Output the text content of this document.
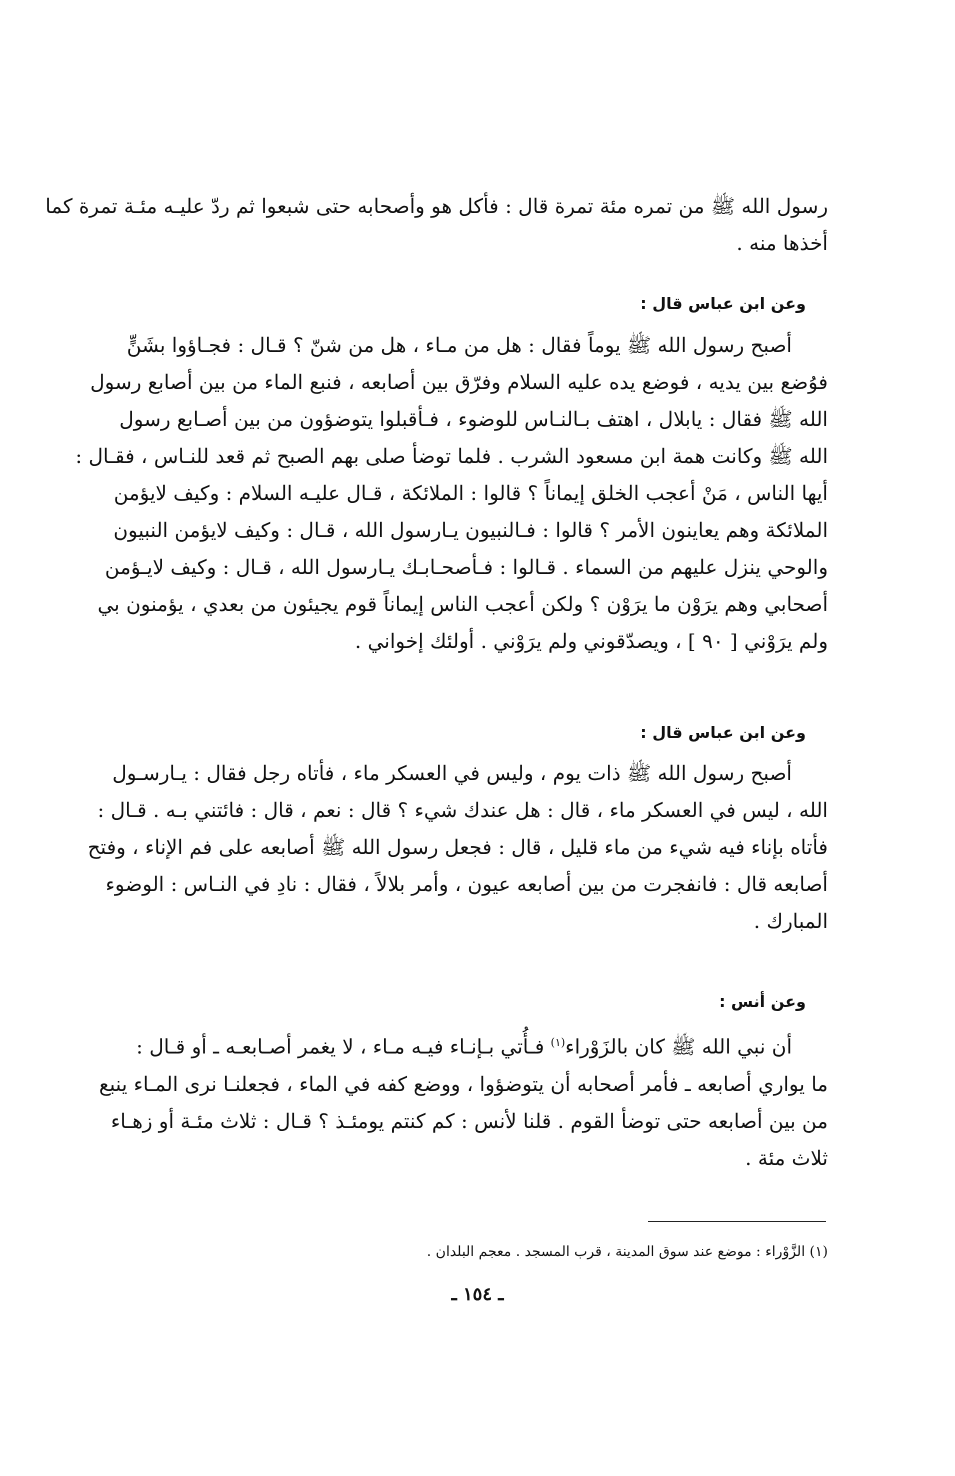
رسول الله ﷺ من تمره مئة تمرة قال : فأكل هو وأصحابه حتى شبعوا ثم ردّ عليـه مئـة تمرة كما
أخذها منه .
وعن ابن عباس قال :
أصبح رسول الله ﷺ يوماً فقال : هل من مـاء ، هل من شنّ ؟ قـال : فجـاؤوا بشَنٍّ
فوُضع بين يديه ، فوضع يده عليه السلام وفرّق بين أصابعه ، فنبع الماء من بين أصابع رسول
الله ﷺ فقال : يابلال ، اهتف بـالنـاس للوضوء ، فـأقبلوا يتوضؤون من بين أصـابع رسول
الله ﷺ وكانت همة ابن مسعود الشرب . فلما توضأ صلى بهم الصبح ثم قعد للنـاس ، فقـال :
أيها الناس ، مَنْ أعجب الخلق إيماناً ؟ قالوا : الملائكة ، قـال عليـه السلام : وكيف لايؤمن
الملائكة وهم يعاينون الأمر ؟ قالوا : فـالنبيون يـارسول الله ، قـال : وكيف لايؤمن النبيون
والوحي ينزل عليهم من السماء . قـالوا : فـأصحـابـك يـارسول الله ، قـال : وكيف لايـؤمن
أصحابي وهم يرَوْن ما يرَوْن ؟ ولكن أعجب الناس إيماناً قوم يجيئون من بعدي ، يؤمنون بي
ولم يرَوْني [ ٩٠ ] ، ويصدّقوني ولم يرَوْني . أولئك إخواني .
وعن ابن عباس قال :
أصبح رسول الله ﷺ ذات يوم ، وليس في العسكر ماء ، فأتاه رجل فقال : يـارسـول
الله ، ليس في العسكر ماء ، قال : هل عندك شيء ؟ قال : نعم ، قال : فائتني بـه . قـال :
فأتاه بإناء فيه شيء من ماء قليل ، قال : فجعل رسول الله ﷺ أصابعه على فم الإناء ، وفتح
أصابعه قال : فانفجرت من بين أصابعه عيون ، وأمر بلالاً ، فقال : نادِ في النـاس : الوضوء
المبارك .
وعن أنس :
أن نبي الله ﷺ كان بالزَوْراء$^{(١)}$ فـأُتي بـإنـاء فيـه مـاء ، لا يغمر أصـابعـه ـ أو قـال :
ما يواري أصابعه ـ فأمر أصحابه أن يتوضؤوا ، ووضع كفه في الماء ، فجعلنـا نرى المـاء ينبع
من بين أصابعه حتى توضأ القوم . قلنا لأنس : كم كنتم يومئـذ ؟ قـال : ثلاث مئـة أو زهـاء
ثلاث مئة .
(١) الزَّوْراء : موضع عند سوق المدينة ، قرب المسجد . معجم البلدان .
ـ ١٥٤ ـ
